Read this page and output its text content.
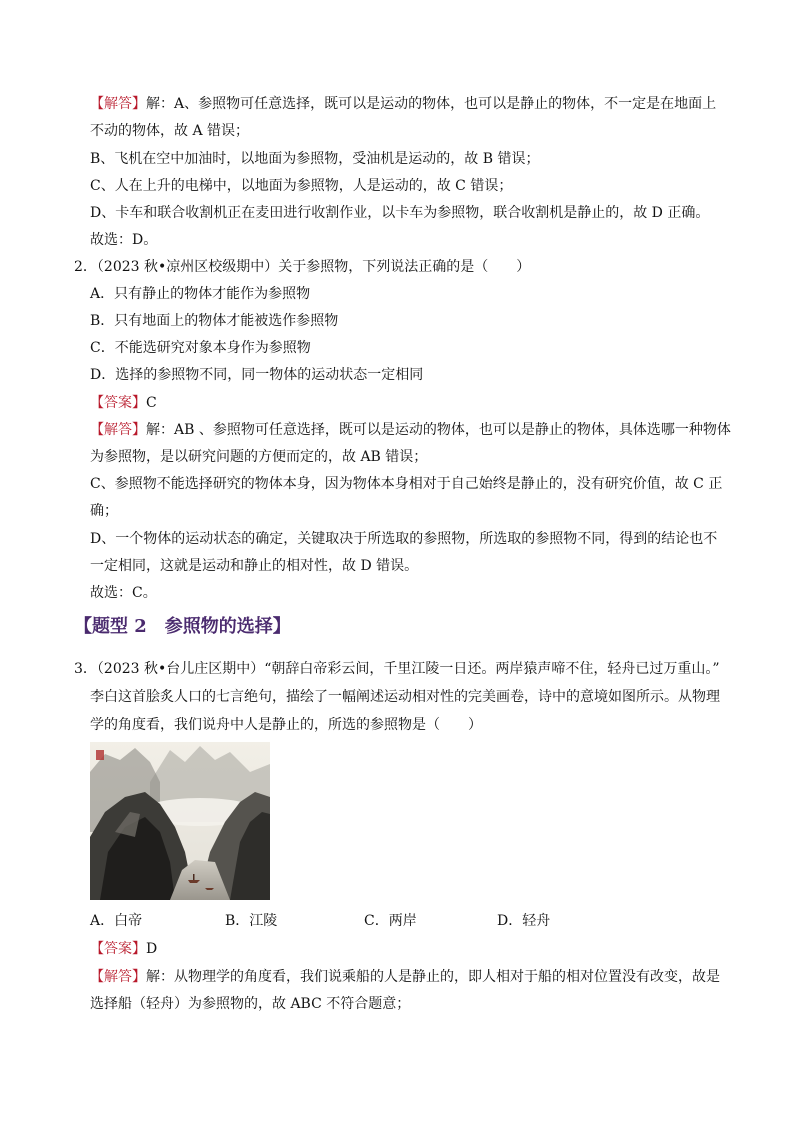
【解答】解：A、参照物可任意选择，既可以是运动的物体，也可以是静止的物体，不一定是在地面上
不动的物体，故 A 错误；
B、飞机在空中加油时，以地面为参照物，受油机是运动的，故 B 错误；
C、人在上升的电梯中，以地面为参照物，人是运动的，故 C 错误；
D、卡车和联合收割机正在麦田进行收割作业，以卡车为参照物，联合收割机是静止的，故 D 正确。
故选：D。
2．（2023 秋•凉州区校级期中）关于参照物，下列说法正确的是（　　）
A．只有静止的物体才能作为参照物
B．只有地面上的物体才能被选作参照物
C．不能选研究对象本身作为参照物
D．选择的参照物不同，同一物体的运动状态一定相同
【答案】C
【解答】解：AB 、参照物可任意选择，既可以是运动的物体，也可以是静止的物体，具体选哪一种物体
为参照物，是以研究问题的方便而定的，故 AB 错误；
C、参照物不能选择研究的物体本身，因为物体本身相对于自己始终是静止的，没有研究价值，故 C 正
确；
D、一个物体的运动状态的确定，关键取决于所选取的参照物，所选取的参照物不同，得到的结论也不
一定相同，这就是运动和静止的相对性，故 D 错误。
故选：C。
【题型 2　参照物的选择】
3．（2023 秋•台儿庄区期中）“朝辞白帝彩云间，千里江陵一日还。两岸猿声啼不住，轻舟已过万重山。”
李白这首脍炙人口的七言绝句，描绘了一幅阐述运动相对性的完美画卷，诗中的意境如图所示。从物理
学的角度看，我们说舟中人是静止的，所选的参照物是（　　）
A．白帝	B．江陵	C．两岸	D．轻舟
【答案】D
【解答】解：从物理学的角度看，我们说乘船的人是静止的，即人相对于船的相对位置没有改变，故是
选择船（轻舟）为参照物的，故 ABC 不符合题意；
